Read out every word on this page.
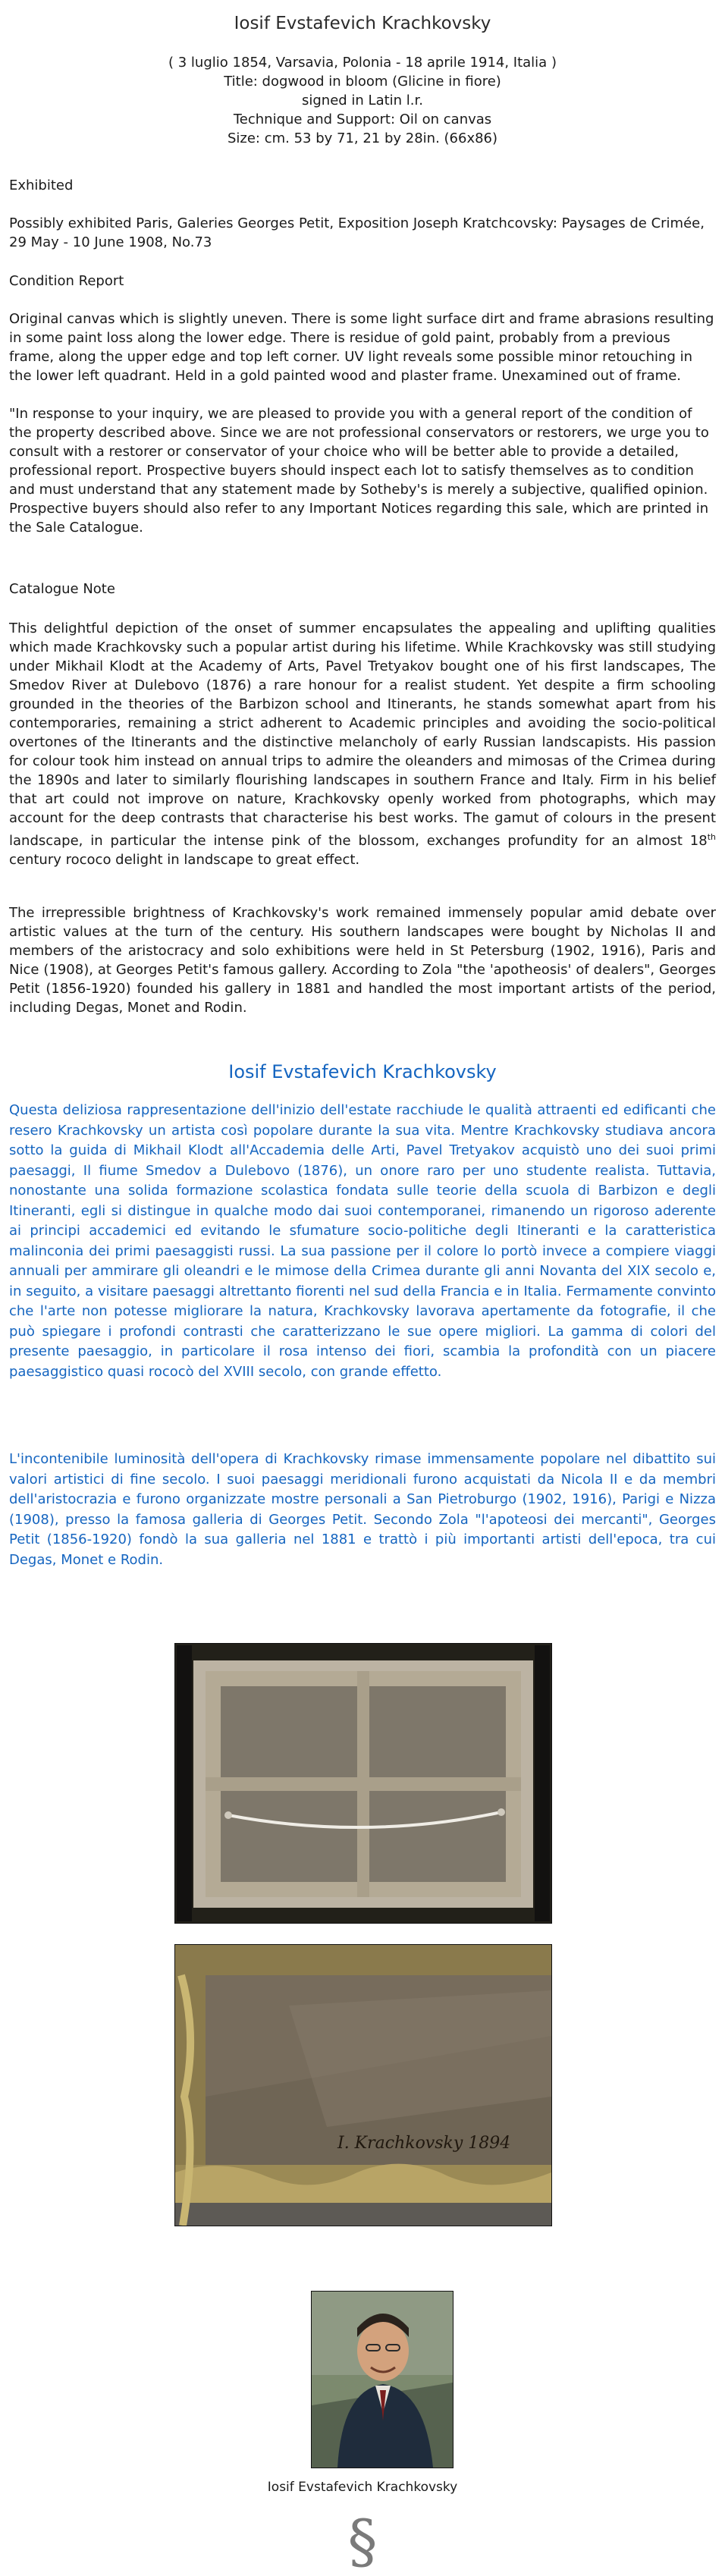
Iosif Evstafevich Krachkovsky
( 3 luglio 1854, Varsavia, Polonia - 18 aprile 1914, Italia )
Title: dogwood in bloom (Glicine in fiore)
signed in Latin l.r.
Technique and Support: Oil on canvas
Size: cm. 53 by 71, 21 by 28in. (66x86)
Exhibited
Possibly exhibited Paris, Galeries Georges Petit, Exposition Joseph Kratchcovsky: Paysages de Crimée, 29 May - 10 June 1908, No.73
Condition Report
Original canvas which is slightly uneven. There is some light surface dirt and frame abrasions resulting in some paint loss along the lower edge. There is residue of gold paint, probably from a previous frame, along the upper edge and top left corner. UV light reveals some possible minor retouching in the lower left quadrant. Held in a gold painted wood and plaster frame. Unexamined out of frame.
"In response to your inquiry, we are pleased to provide you with a general report of the condition of the property described above. Since we are not professional conservators or restorers, we urge you to consult with a restorer or conservator of your choice who will be better able to provide a detailed, professional report. Prospective buyers should inspect each lot to satisfy themselves as to condition and must understand that any statement made by Sotheby's is merely a subjective, qualified opinion. Prospective buyers should also refer to any Important Notices regarding this sale, which are printed in the Sale Catalogue.
Catalogue Note
This delightful depiction of the onset of summer encapsulates the appealing and uplifting qualities which made Krachkovsky such a popular artist during his lifetime. While Krachkovsky was still studying under Mikhail Klodt at the Academy of Arts, Pavel Tretyakov bought one of his first landscapes, The Smedov River at Dulebovo (1876) a rare honour for a realist student. Yet despite a firm schooling grounded in the theories of the Barbizon school and Itinerants, he stands somewhat apart from his contemporaries, remaining a strict adherent to Academic principles and avoiding the socio-political overtones of the Itinerants and the distinctive melancholy of early Russian landscapists. His passion for colour took him instead on annual trips to admire the oleanders and mimosas of the Crimea during the 1890s and later to similarly flourishing landscapes in southern France and Italy. Firm in his belief that art could not improve on nature, Krachkovsky openly worked from photographs, which may account for the deep contrasts that characterise his best works. The gamut of colours in the present landscape, in particular the intense pink of the blossom, exchanges profundity for an almost 18th century rococo delight in landscape to great effect.
The irrepressible brightness of Krachkovsky's work remained immensely popular amid debate over artistic values at the turn of the century. His southern landscapes were bought by Nicholas II and members of the aristocracy and solo exhibitions were held in St Petersburg (1902, 1916), Paris and Nice (1908), at Georges Petit's famous gallery. According to Zola "the 'apotheosis' of dealers", Georges Petit (1856-1920) founded his gallery in 1881 and handled the most important artists of the period, including Degas, Monet and Rodin.
Iosif Evstafevich Krachkovsky
Questa deliziosa rappresentazione dell'inizio dell'estate racchiude le qualità attraenti ed edificanti che resero Krachkovsky un artista così popolare durante la sua vita. Mentre Krachkovsky studiava ancora sotto la guida di Mikhail Klodt all'Accademia delle Arti, Pavel Tretyakov acquistò uno dei suoi primi paesaggi, Il fiume Smedov a Dulebovo (1876), un onore raro per uno studente realista. Tuttavia, nonostante una solida formazione scolastica fondata sulle teorie della scuola di Barbizon e degli Itineranti, egli si distingue in qualche modo dai suoi contemporanei, rimanendo un rigoroso aderente ai principi accademici ed evitando le sfumature socio-politiche degli Itineranti e la caratteristica malinconia dei primi paesaggisti russi. La sua passione per il colore lo portò invece a compiere viaggi annuali per ammirare gli oleandri e le mimose della Crimea durante gli anni Novanta del XIX secolo e, in seguito, a visitare paesaggi altrettanto fiorenti nel sud della Francia e in Italia. Fermamente convinto che l'arte non potesse migliorare la natura, Krachkovsky lavorava apertamente da fotografie, il che può spiegare i profondi contrasti che caratterizzano le sue opere migliori. La gamma di colori del presente paesaggio, in particolare il rosa intenso dei fiori, scambia la profondità con un piacere paesaggistico quasi rococò del XVIII secolo, con grande effetto.
L'incontenibile luminosità dell'opera di Krachkovsky rimase immensamente popolare nel dibattito sui valori artistici di fine secolo. I suoi paesaggi meridionali furono acquistati da Nicola II e da membri dell'aristocrazia e furono organizzate mostre personali a San Pietroburgo (1902, 1916), Parigi e Nizza (1908), presso la famosa galleria di Georges Petit. Secondo Zola "l'apoteosi dei mercanti", Georges Petit (1856-1920) fondò la sua galleria nel 1881 e trattò i più importanti artisti dell'epoca, tra cui Degas, Monet e Rodin.
I. Krachkovsky 1894
Iosif Evstafevich Krachkovsky
§
